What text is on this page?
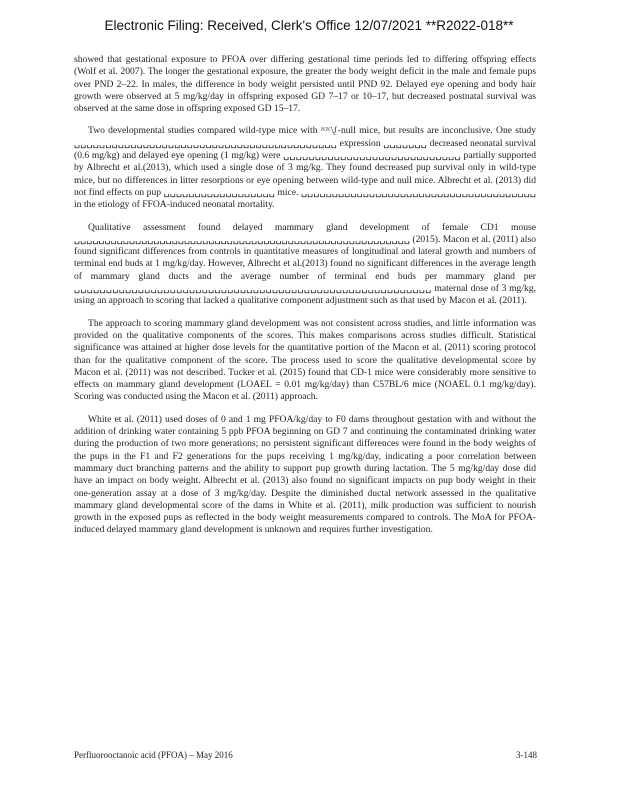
Electronic Filing: Received, Clerk's Office 12/07/2021 **R2022-018**

showed that gestational exposure to PFOA over differing gestational time periods led to differing offspring effects (Wolf et al. 2007). The longer the gestational exposure, the greater the body weight deficit in the male and female pups over PND 2–22. In males, the difference in body weight persisted until PND 92. Delayed eye opening and body hair growth were observed at 5 mg/kg/day in offspring exposed GD 7–17 or 10–17, but decreased postnatal survival was observed at the same dose in offspring exposed GD 15–17.

Two developmental studies compared wild-type mice with ᶻᶜᶻᶜ\ᶘ-null mice, but results are inconclusive. One study ␣␣␣␣␣␣␣␣␣␣␣␣␣␣␣␣␣␣␣␣␣␣␣␣␣␣␣␣␣␣␣␣␣␣␣␣␣␣␣␣␣␣ expression ␣␣␣␣␣␣␣ decreased neonatal survival (0.6 mg/kg) and delayed eye opening (1 mg/kg) were ␣␣␣␣␣␣␣␣␣␣␣␣␣␣␣␣␣␣␣␣␣␣␣␣␣␣␣␣ partially supported by Albrecht et al.(2013), which used a single dose of 3 mg/kg. They found decreased pup survival only in wild-type mice, but no differences in litter resorptions or eye opening between wild-type and null mice. Albrecht et al. (2013) did not find effects on pup ␣␣␣␣␣␣␣␣␣␣␣␣␣␣␣␣␣␣ mice. ␣␣␣␣␣␣␣␣␣␣␣␣␣␣␣␣␣␣␣␣␣␣␣␣␣␣␣␣␣␣␣␣␣␣␣␣␣␣ in the etiology of FFOA-induced neonatal mortality.

Qualitative assessment found delayed mammary gland development of female CD1 mouse ␣␣␣␣␣␣␣␣␣␣␣␣␣␣␣␣␣␣␣␣␣␣␣␣␣␣␣␣␣␣␣␣␣␣␣␣␣␣␣␣␣␣␣␣␣␣␣␣␣␣␣␣␣␣␣ (2015). Macon et al. (2011) also found significant differences from controls in quantitative measures of longitudinal and lateral growth and numbers of terminal end buds at 1 mg/kg/day. However, Albrecht et al.(2013) found no significant differences in the average length of mammary gland ducts and the average number of terminal end buds per mammary gland per ␣␣␣␣␣␣␣␣␣␣␣␣␣␣␣␣␣␣␣␣␣␣␣␣␣␣␣␣␣␣␣␣␣␣␣␣␣␣␣␣␣␣␣␣␣␣␣␣␣␣␣␣␣␣␣␣ maternal dose of 3 mg/kg, using an approach to scoring that lacked a qualitative component adjustment such as that used by Macon et al. (2011).

The approach to scoring mammary gland development was not consistent across studies, and little information was provided on the qualitative components of the scores. This makes comparisons across studies difficult. Statistical significance was attained at higher dose levels for the quantitative portion of the Macon et al. (2011) scoring protocol than for the qualitative component of the score. The process used to score the qualitative developmental score by Macon et al. (2011) was not described. Tucker et al. (2015) found that CD-1 mice were considerably more sensitive to effects on mammary gland development (LOAEL = 0.01 mg/kg/day) than C57BL/6 mice (NOAEL 0.1 mg/kg/day). Scoring was conducted using the Macon et al. (2011) approach.

White et al. (2011) used doses of 0 and 1 mg PFOA/kg/day to F0 dams throughout gestation with and without the addition of drinking water containing 5 ppb PFOA beginning on GD 7 and continuing the contaminated drinking water during the production of two more generations; no persistent significant differences were found in the body weights of the pups in the F1 and F2 generations for the pups receiving 1 mg/kg/day, indicating a poor correlation between mammary duct branching patterns and the ability to support pup growth during lactation. The 5 mg/kg/day dose did have an impact on body weight. Albrecht et al. (2013) also found no significant impacts on pup body weight in their one-generation assay at a dose of 3 mg/kg/day. Despite the diminished ductal network assessed in the qualitative mammary gland developmental score of the dams in White et al. (2011), milk production was sufficient to nourish growth in the exposed pups as reflected in the body weight measurements compared to controls. The MoA for PFOA-induced delayed mammary gland development is unknown and requires further investigation.

Perfluorooctanoic acid (PFOA) – May 2016	3-148
